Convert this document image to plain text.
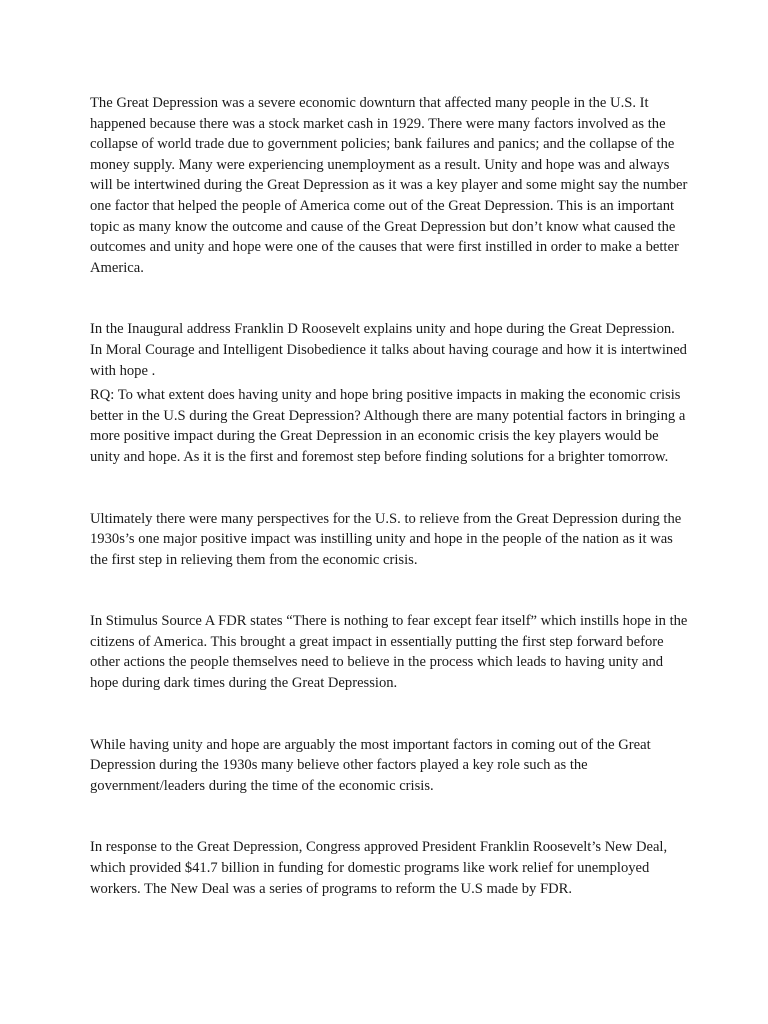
The Great Depression was a severe economic downturn that affected many people in the U.S. It happened because there was a stock market cash in 1929. There were many factors involved as the collapse of world trade due to government policies; bank failures and panics; and the collapse of the money supply. Many were experiencing unemployment as a result. Unity and hope was and always will be intertwined during the Great Depression as it was a key player and some might say the number one factor that helped the people of America come out of the Great Depression. This is an important topic as many know the outcome and cause of the Great Depression but don’t know what caused the outcomes and unity and hope were one of the causes that were first instilled in order to make a better America.

In the Inaugural address Franklin D Roosevelt explains unity and hope during the Great Depression. In Moral Courage and Intelligent Disobedience it talks about having courage and how it is intertwined with hope .

RQ: To what extent does having unity and hope bring positive impacts in making the economic crisis better in the U.S during the Great Depression? Although there are many potential factors in bringing a more positive impact during the Great Depression in an economic crisis the key players would be unity and hope. As it is the first and foremost step before finding solutions for a brighter tomorrow.

Ultimately there were many perspectives for the U.S. to relieve from the Great Depression during the 1930s’s one major positive impact was instilling unity and hope in the people of the nation as it was the first step in relieving them from the economic crisis.

In Stimulus Source A FDR states “There is nothing to fear except fear itself” which instills hope in the citizens of America. This brought a great impact in essentially putting the first step forward before other actions the people themselves need to believe in the process which leads to having unity and hope during dark times during the Great Depression.

While having unity and hope are arguably the most important factors in coming out of the Great Depression during the 1930s many believe other factors played a key role such as the government/leaders during the time of the economic crisis.

In response to the Great Depression, Congress approved President Franklin Roosevelt’s New Deal, which provided $41.7 billion in funding for domestic programs like work relief for unemployed workers. The New Deal was a series of programs to reform the U.S made by FDR.
